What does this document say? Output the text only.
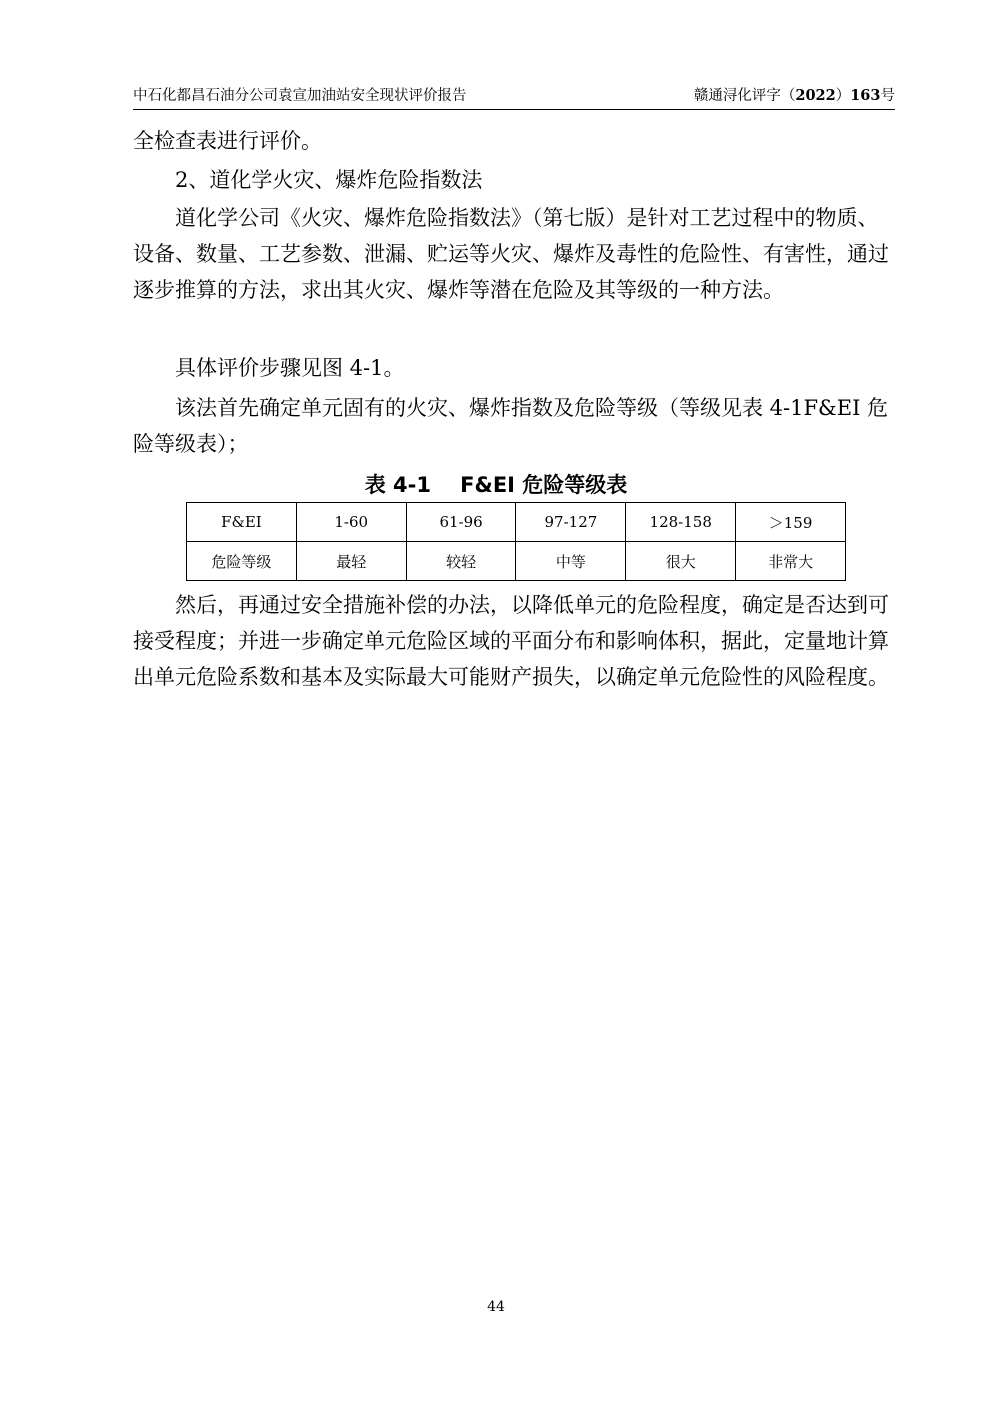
中石化都昌石油分公司袁宣加油站安全现状评价报告	赣通浔化评字（2022）163号

全检查表进行评价。

2、道化学火灾、爆炸危险指数法

道化学公司《火灾、爆炸危险指数法》（第七版）是针对工艺过程中的物质、设备、数量、工艺参数、泄漏、贮运等火灾、爆炸及毒性的危险性、有害性，通过逐步推算的方法，求出其火灾、爆炸等潜在危险及其等级的一种方法。

具体评价步骤见图 4-1。

该法首先确定单元固有的火灾、爆炸指数及危险等级（等级见表 4-1F&EI 危险等级表）；

表 4-1    F&EI 危险等级表
F&EI	1-60	61-96	97-127	128-158	＞159
危险等级	最轻	较轻	中等	很大	非常大

然后，再通过安全措施补偿的办法，以降低单元的危险程度，确定是否达到可接受程度；并进一步确定单元危险区域的平面分布和影响体积，据此，定量地计算出单元危险系数和基本及实际最大可能财产损失，以确定单元危险性的风险程度。

44
